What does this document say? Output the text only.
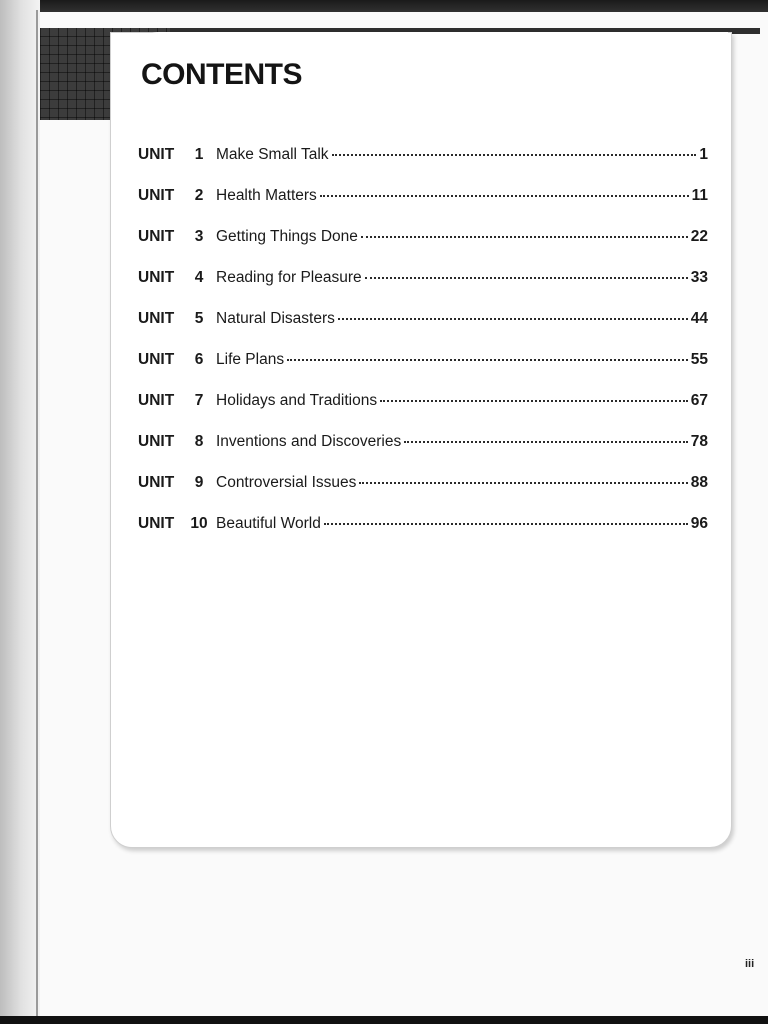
CONTENTS
UNIT	1 Make Small Talk	1
UNIT	2 Health Matters	11
UNIT	3 Getting Things Done	22
UNIT	4 Reading for Pleasure	33
UNIT	5 Natural Disasters	44
UNIT	6 Life Plans	55
UNIT	7 Holidays and Traditions	67
UNIT	8 Inventions and Discoveries	78
UNIT	9 Controversial Issues	88
UNIT	10 Beautiful World	96
iii
